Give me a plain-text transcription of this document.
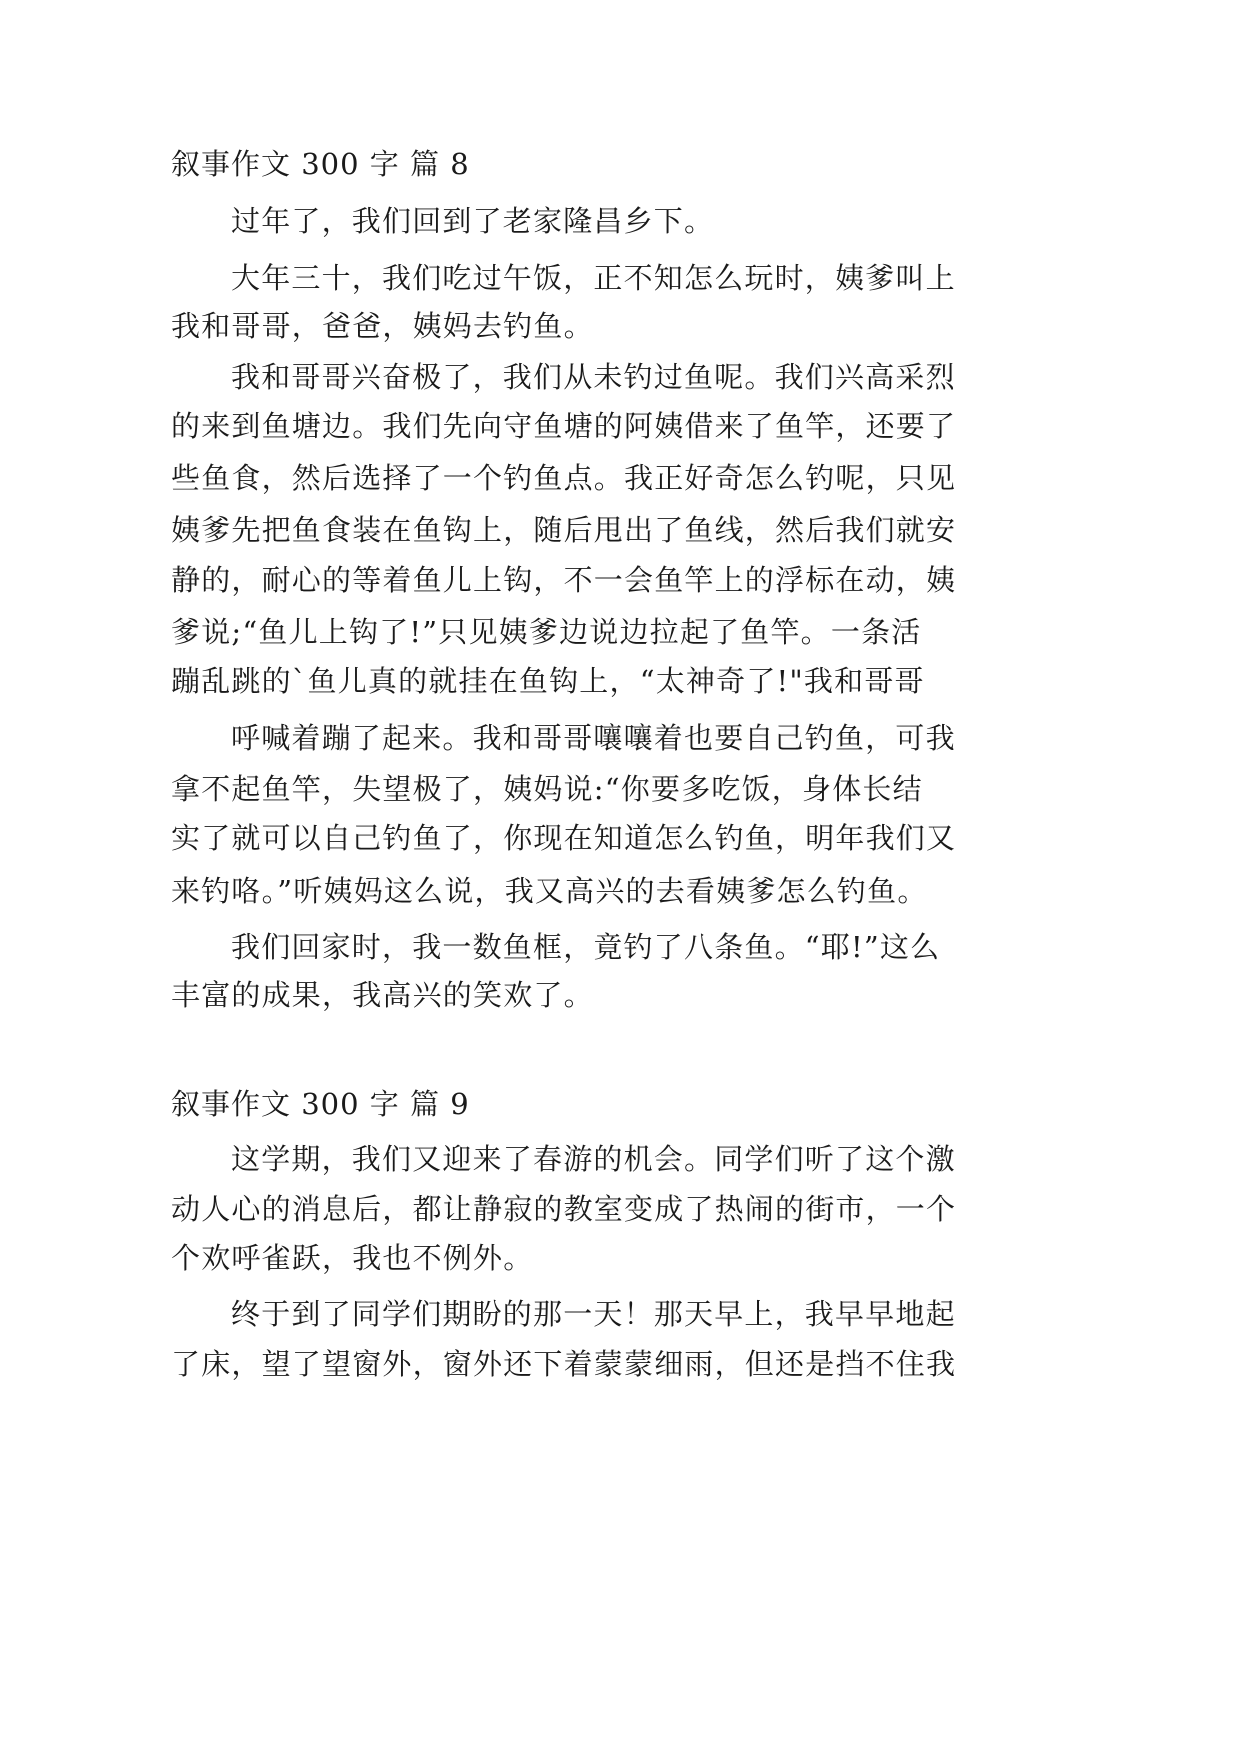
叙事作文 300 字 篇 8
过年了，我们回到了老家隆昌乡下。
大年三十，我们吃过午饭，正不知怎么玩时，姨爹叫上
我和哥哥，爸爸，姨妈去钓鱼。
我和哥哥兴奋极了，我们从未钓过鱼呢。我们兴高采烈
的来到鱼塘边。我们先向守鱼塘的阿姨借来了鱼竿，还要了
些鱼食，然后选择了一个钓鱼点。我正好奇怎么钓呢，只见
姨爹先把鱼食装在鱼钩上，随后甩出了鱼线，然后我们就安
静的，耐心的等着鱼儿上钩，不一会鱼竿上的浮标在动，姨
爹说;“鱼儿上钩了!”只见姨爹边说边拉起了鱼竿。一条活
蹦乱跳的`鱼儿真的就挂在鱼钩上，“太神奇了!"我和哥哥
呼喊着蹦了起来。我和哥哥嚷嚷着也要自己钓鱼，可我
拿不起鱼竿，失望极了，姨妈说:“你要多吃饭，身体长结
实了就可以自己钓鱼了，你现在知道怎么钓鱼，明年我们又
来钓咯。”听姨妈这么说，我又高兴的去看姨爹怎么钓鱼。
我们回家时，我一数鱼框，竟钓了八条鱼。“耶!”这么
丰富的成果，我高兴的笑欢了。
叙事作文 300 字 篇 9
这学期，我们又迎来了春游的机会。同学们听了这个激
动人心的消息后，都让静寂的教室变成了热闹的街市，一个
个欢呼雀跃，我也不例外。
终于到了同学们期盼的那一天！那天早上，我早早地起
了床，望了望窗外，窗外还下着蒙蒙细雨，但还是挡不住我
